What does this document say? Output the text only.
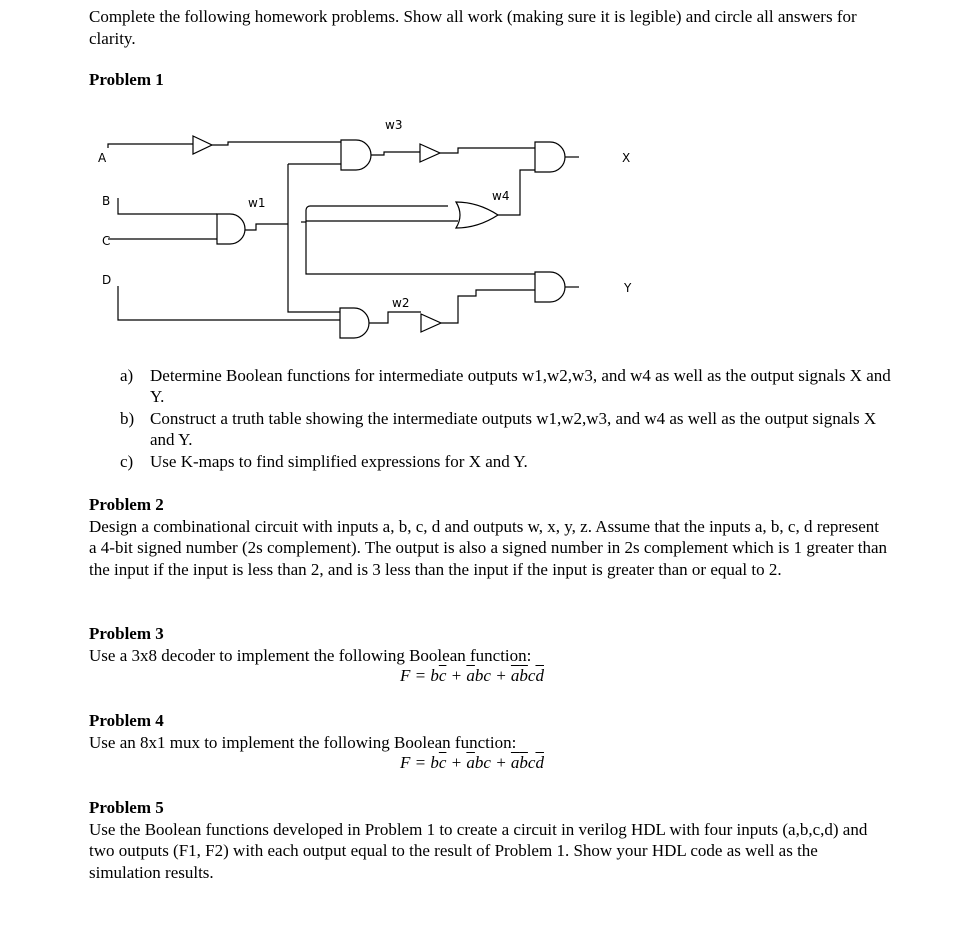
Complete the following homework problems. Show all work (making sure it is legible) and circle all answers for clarity.
Problem 1
A
B
C
D
w1
w2
w3
w4
X
Y
a) Determine Boolean functions for intermediate outputs w1,w2,w3, and w4 as well as the output signals X and Y.
b) Construct a truth table showing the intermediate outputs w1,w2,w3, and w4 as well as the output signals X and Y.
c) Use K-maps to find simplified expressions for X and Y.
Problem 2
Design a combinational circuit with inputs a, b, c, d and outputs w, x, y, z. Assume that the inputs a, b, c, d represent a 4-bit signed number (2s complement). The output is also a signed number in 2s complement which is 1 greater than the input if the input is less than 2, and is 3 less than the input if the input is greater than or equal to 2.
Problem 3
Use a 3x8 decoder to implement the following Boolean function:
$F = b\overline{c} + \overline{a}bc + \overline{a}\overline{b}c\overline{d}$
Problem 4
Use an 8x1 mux to implement the following Boolean function:
$F = b\overline{c} + \overline{a}bc + \overline{a}\overline{b}c\overline{d}$
Problem 5
Use the Boolean functions developed in Problem 1 to create a circuit in verilog HDL with four inputs (a,b,c,d) and two outputs (F1, F2) with each output equal to the result of Problem 1. Show your HDL code as well as the simulation results.
